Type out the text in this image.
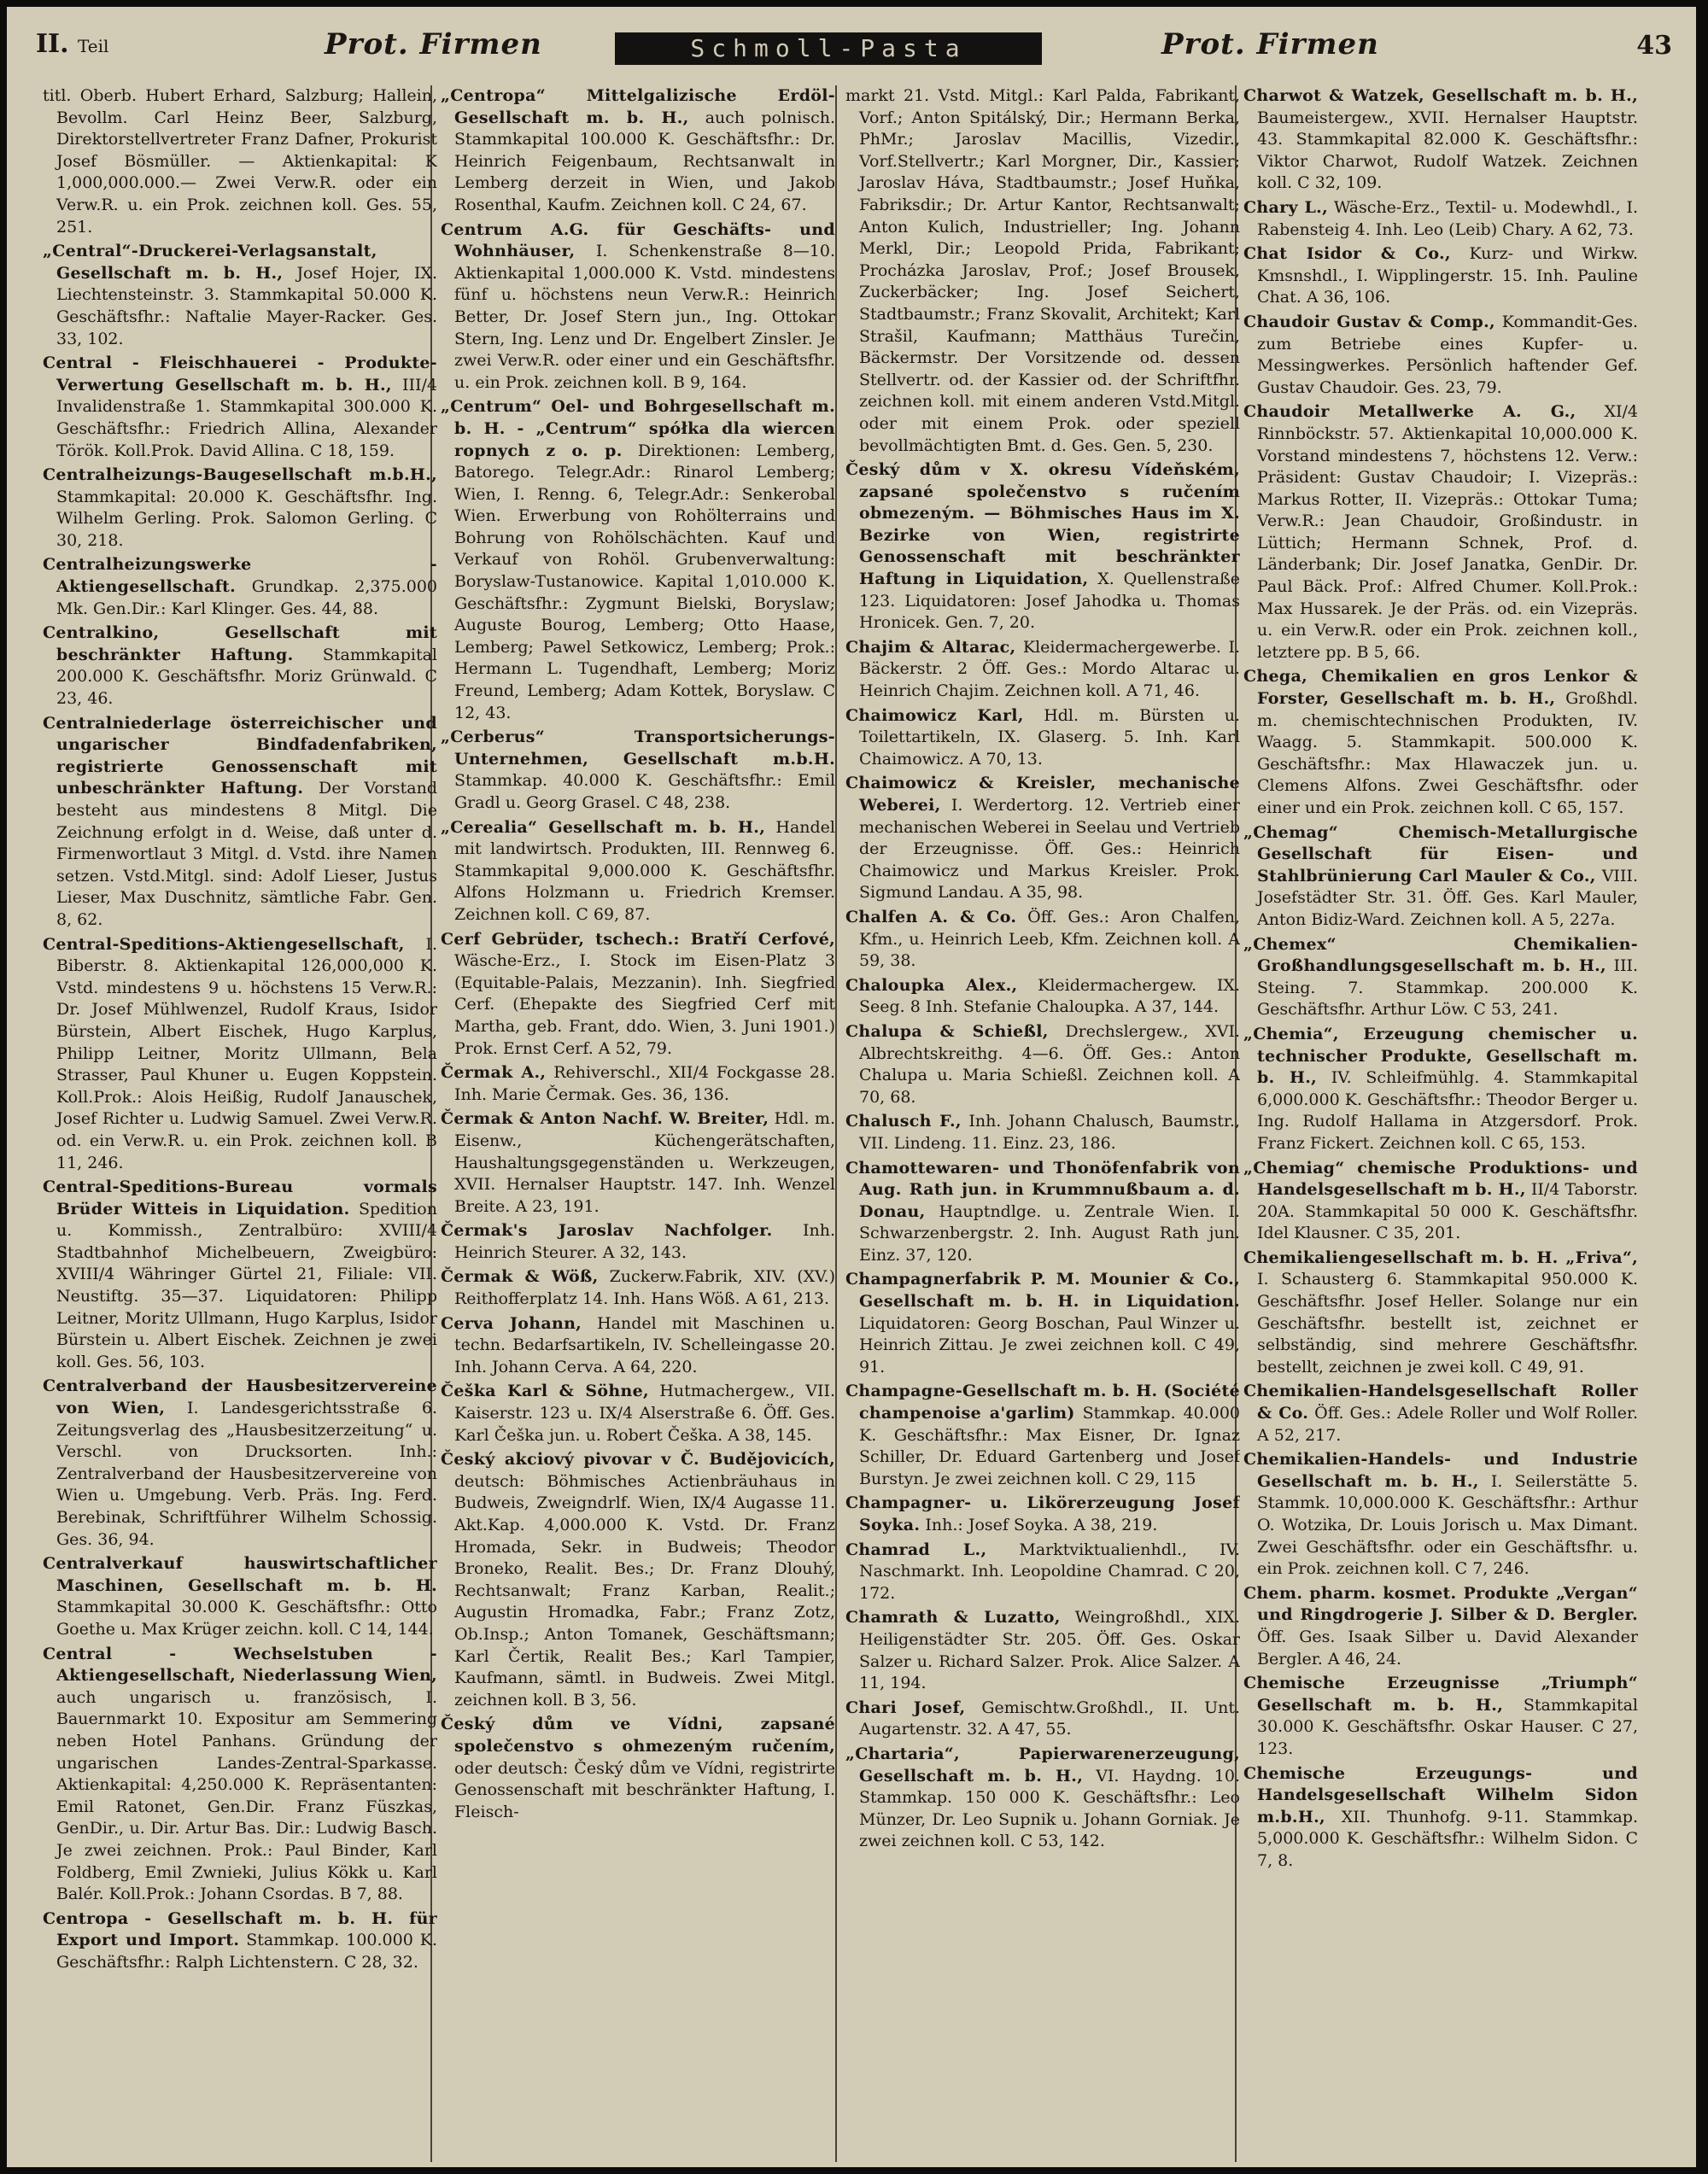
II. Teil	Prot. Firmen	Schmoll-Pasta	Prot. Firmen	43

titl. Oberb. Hubert Erhard, Salzburg; Hallein, Bevollm. Carl Heinz Beer, Salzburg, Direktorstellvertreter Franz Dafner, Prokurist Josef Bösmüller. — Aktienkapital: K 1,000,000.000.— Zwei Verw.R. oder ein Verw.R. u. ein Prok. zeichnen koll. Ges. 55, 251.

„Central“-Druckerei-Verlagsanstalt, Gesellschaft m. b. H., Josef Hojer, IX. Liechtensteinstr. 3. Stammkapital 50.000 K. Geschäftsfhr.: Naftalie Mayer-Racker. Ges. 33, 102.

Central - Fleischhauerei - Produkte-Verwertung Gesellschaft m. b. H., III/4 Invalidenstraße 1. Stammkapital 300.000 K. Geschäftsfhr.: Friedrich Allina, Alexander Török. Koll.Prok. David Allina. C 18, 159.

Centralheizungs-Baugesellschaft m.b.H., Stammkapital: 20.000 K. Geschäftsfhr. Ing. Wilhelm Gerling. Prok. Salomon Gerling. C 30, 218.

Centralheizungswerke - Aktiengesellschaft. Grundkap. 2,375.000 Mk. Gen.Dir.: Karl Klinger. Ges. 44, 88.

Centralkino, Gesellschaft mit beschränkter Haftung. Stammkapital 200.000 K. Geschäftsfhr. Moriz Grünwald. C 23, 46.

Centralniederlage österreichischer und ungarischer Bindfadenfabriken, registrierte Genossenschaft mit unbeschränkter Haftung. Der Vorstand besteht aus mindestens 8 Mitgl. Die Zeichnung erfolgt in d. Weise, daß unter d. Firmenwortlaut 3 Mitgl. d. Vstd. ihre Namen setzen. Vstd.Mitgl. sind: Adolf Lieser, Justus Lieser, Max Duschnitz, sämtliche Fabr. Gen. 8, 62.

Central-Speditions-Aktiengesellschaft, I. Biberstr. 8. Aktienkapital 126,000,000 K. Vstd. mindestens 9 u. höchstens 15 Verw.R.: Dr. Josef Mühlwenzel, Rudolf Kraus, Isidor Bürstein, Albert Eischek, Hugo Karplus, Philipp Leitner, Moritz Ullmann, Bela Strasser, Paul Khuner u. Eugen Koppstein. Koll.Prok.: Alois Heißig, Rudolf Janauschek, Josef Richter u. Ludwig Samuel. Zwei Verw.R. od. ein Verw.R. u. ein Prok. zeichnen koll. B 11, 246.

Central-Speditions-Bureau vormals Brüder Witteis in Liquidation. Spedition u. Kommissh., Zentralbüro: XVIII/4 Stadtbahnhof Michelbeuern, Zweigbüro: XVIII/4 Währinger Gürtel 21, Filiale: VII. Neustiftg. 35—37. Liquidatoren: Philipp Leitner, Moritz Ullmann, Hugo Karplus, Isidor Bürstein u. Albert Eischek. Zeichnen je zwei koll. Ges. 56, 103.

Centralverband der Hausbesitzervereine von Wien, I. Landesgerichtsstraße 6. Zeitungsverlag des „Hausbesitzerzeitung“ u. Verschl. von Drucksorten. Inh.: Zentralverband der Hausbesitzervereine von Wien u. Umgebung. Verb. Präs. Ing. Ferd. Berebinak, Schriftführer Wilhelm Schossig. Ges. 36, 94.

Centralverkauf hauswirtschaftlicher Maschinen, Gesellschaft m. b. H. Stammkapital 30.000 K. Geschäftsfhr.: Otto Goethe u. Max Krüger zeichn. koll. C 14, 144.

Central - Wechselstuben - Aktiengesellschaft, Niederlassung Wien, auch ungarisch u. französisch, I. Bauernmarkt 10. Expositur am Semmering neben Hotel Panhans. Gründung der ungarischen Landes-Zentral-Sparkasse. Aktienkapital: 4,250.000 K. Repräsentanten: Emil Ratonet, Gen.Dir. Franz Füszkas, GenDir., u. Dir. Artur Bas. Dir.: Ludwig Basch. Je zwei zeichnen. Prok.: Paul Binder, Karl Foldberg, Emil Zwnieki, Julius Kökk u. Karl Balér. Koll.Prok.: Johann Csordas. B 7, 88.

Centropa - Gesellschaft m. b. H. für Export und Import. Stammkap. 100.000 K. Geschäftsfhr.: Ralph Lichtenstern. C 28, 32.

„Centropa“ Mittelgalizische Erdöl-Gesellschaft m. b. H., auch polnisch. Stammkapital 100.000 K. Geschäftsfhr.: Dr. Heinrich Feigenbaum, Rechtsanwalt in Lemberg derzeit in Wien, und Jakob Rosenthal, Kaufm. Zeichnen koll. C 24, 67.

Centrum A.G. für Geschäfts- und Wohnhäuser, I. Schenkenstraße 8—10. Aktienkapital 1,000.000 K. Vstd. mindestens fünf u. höchstens neun Verw.R.: Heinrich Better, Dr. Josef Stern jun., Ing. Ottokar Stern, Ing. Lenz und Dr. Engelbert Zinsler. Je zwei Verw.R. oder einer und ein Geschäftsfhr. u. ein Prok. zeichnen koll. B 9, 164.

„Centrum“ Oel- und Bohrgesellschaft m. b. H. - „Centrum“ spółka dla wiercen ropnych z o. p. Direktionen: Lemberg, Batorego. Telegr.Adr.: Rinarol Lemberg; Wien, I. Renng. 6, Telegr.Adr.: Senkerobal Wien. Erwerbung von Rohölterrains und Bohrung von Rohölschächten. Kauf und Verkauf von Rohöl. Grubenverwaltung: Boryslaw-Tustanowice. Kapital 1,010.000 K. Geschäftsfhr.: Zygmunt Bielski, Boryslaw; Auguste Bourog, Lemberg; Otto Haase, Lemberg; Pawel Setkowicz, Lemberg; Prok.: Hermann L. Tugendhaft, Lemberg; Moriz Freund, Lemberg; Adam Kottek, Boryslaw. C 12, 43.

„Cerberus“ Transportsicherungs-Unternehmen, Gesellschaft m.b.H. Stammkap. 40.000 K. Geschäftsfhr.: Emil Gradl u. Georg Grasel. C 48, 238.

„Cerealia“ Gesellschaft m. b. H., Handel mit landwirtsch. Produkten, III. Rennweg 6. Stammkapital 9,000.000 K. Geschäftsfhr. Alfons Holzmann u. Friedrich Kremser. Zeichnen koll. C 69, 87.

Cerf Gebrüder, tschech.: Bratří Cerfové, Wäsche-Erz., I. Stock im Eisen-Platz 3 (Equitable-Palais, Mezzanin). Inh. Siegfried Cerf. (Ehepakte des Siegfried Cerf mit Martha, geb. Frant, ddo. Wien, 3. Juni 1901.) Prok. Ernst Cerf. A 52, 79.

Čermak A., Rehiverschl., XII/4 Fockgasse 28. Inh. Marie Čermak. Ges. 36, 136.

Čermak & Anton Nachf. W. Breiter, Hdl. m. Eisenw., Küchengerätschaften, Haushaltungsgegenständen u. Werkzeugen, XVII. Hernalser Hauptstr. 147. Inh. Wenzel Breite. A 23, 191.

Čermak's Jaroslav Nachfolger. Inh. Heinrich Steurer. A 32, 143.

Čermak & Wöß, Zuckerw.Fabrik, XIV. (XV.) Reithofferplatz 14. Inh. Hans Wöß. A 61, 213.

Cerva Johann, Handel mit Maschinen u. techn. Bedarfsartikeln, IV. Schelleingasse 20. Inh. Johann Cerva. A 64, 220.

Češka Karl & Söhne, Hutmachergew., VII. Kaiserstr. 123 u. IX/4 Alserstraße 6. Öff. Ges. Karl Češka jun. u. Robert Češka. A 38, 145.

Český akciový pivovar v Č. Budějovicích, deutsch: Böhmisches Actienbräuhaus in Budweis, Zweigndrlf. Wien, IX/4 Augasse 11. Akt.Kap. 4,000.000 K. Vstd. Dr. Franz Hromada, Sekr. in Budweis; Theodor Broneko, Realit. Bes.; Dr. Franz Dlouhý, Rechtsanwalt; Franz Karban, Realit.; Augustin Hromadka, Fabr.; Franz Zotz, Ob.Insp.; Anton Tomanek, Geschäftsmann; Karl Čertik, Realit Bes.; Karl Tampier, Kaufmann, sämtl. in Budweis. Zwei Mitgl. zeichnen koll. B 3, 56.

Český dům ve Vídni, zapsané společenstvo s ohmezeným ručením, oder deutsch: Český dům ve Vídni, registrirte Genossenschaft mit beschränkter Haftung, I. Fleisch-

markt 21. Vstd. Mitgl.: Karl Palda, Fabrikant, Vorf.; Anton Spitálský, Dir.; Hermann Berka, PhMr.; Jaroslav Macillis, Vizedir., Vorf.Stellvertr.; Karl Morgner, Dir., Kassier; Jaroslav Háva, Stadtbaumstr.; Josef Huňka, Fabriksdir.; Dr. Artur Kantor, Rechtsanwalt; Anton Kulich, Industrieller; Ing. Johann Merkl, Dir.; Leopold Prida, Fabrikant; Procházka Jaroslav, Prof.; Josef Brousek, Zuckerbäcker; Ing. Josef Seichert, Stadtbaumstr.; Franz Skovalit, Architekt; Karl Strašil, Kaufmann; Matthäus Turečin, Bäckermstr. Der Vorsitzende od. dessen Stellvertr. od. der Kassier od. der Schriftfhr. zeichnen koll. mit einem anderen Vstd.Mitgl. oder mit einem Prok. oder speziell bevollmächtigten Bmt. d. Ges. Gen. 5, 230.

Český dům v X. okresu Vídeňském, zapsané společenstvo s ručením obmezeným. — Böhmisches Haus im X. Bezirke von Wien, registrirte Genossenschaft mit beschränkter Haftung in Liquidation, X. Quellenstraße 123. Liquidatoren: Josef Jahodka u. Thomas Hronicek. Gen. 7, 20.

Chajim & Altarac, Kleidermachergewerbe. I. Bäckerstr. 2 Öff. Ges.: Mordo Altarac u. Heinrich Chajim. Zeichnen koll. A 71, 46.

Chaimowicz Karl, Hdl. m. Bürsten u. Toilettartikeln, IX. Glaserg. 5. Inh. Karl Chaimowicz. A 70, 13.

Chaimowicz & Kreisler, mechanische Weberei, I. Werdertorg. 12. Vertrieb einer mechanischen Weberei in Seelau und Vertrieb der Erzeugnisse. Öff. Ges.: Heinrich Chaimowicz und Markus Kreisler. Prok. Sigmund Landau. A 35, 98.

Chalfen A. & Co. Öff. Ges.: Aron Chalfen, Kfm., u. Heinrich Leeb, Kfm. Zeichnen koll. A 59, 38.

Chaloupka Alex., Kleidermachergew. IX. Seeg. 8 Inh. Stefanie Chaloupka. A 37, 144.

Chalupa & Schießl, Drechslergew., XVI. Albrechtskreithg. 4—6. Öff. Ges.: Anton Chalupa u. Maria Schießl. Zeichnen koll. A 70, 68.

Chalusch F., Inh. Johann Chalusch, Baumstr., VII. Lindeng. 11. Einz. 23, 186.

Chamottewaren- und Thonöfenfabrik von Aug. Rath jun. in Krummnußbaum a. d. Donau, Hauptndlge. u. Zentrale Wien. I. Schwarzenbergstr. 2. Inh. August Rath jun. Einz. 37, 120.

Champagnerfabrik P. M. Mounier & Co., Gesellschaft m. b. H. in Liquidation. Liquidatoren: Georg Boschan, Paul Winzer u. Heinrich Zittau. Je zwei zeichnen koll. C 49, 91.

Champagne-Gesellschaft m. b. H. (Société champenoise a'garlim) Stammkap. 40.000 K. Geschäftsfhr.: Max Eisner, Dr. Ignaz Schiller, Dr. Eduard Gartenberg und Josef Burstyn. Je zwei zeichnen koll. C 29, 115

Champagner- u. Likörerzeugung Josef Soyka. Inh.: Josef Soyka. A 38, 219.

Chamrad L., Marktviktualienhdl., IV. Naschmarkt. Inh. Leopoldine Chamrad. C 20, 172.

Chamrath & Luzatto, Weingroßhdl., XIX. Heiligenstädter Str. 205. Öff. Ges. Oskar Salzer u. Richard Salzer. Prok. Alice Salzer. A 11, 194.

Chari Josef, Gemischtw.Großhdl., II. Unt. Augartenstr. 32. A 47, 55.

„Chartaria“, Papierwarenerzeugung, Gesellschaft m. b. H., VI. Haydng. 10. Stammkap. 150 000 K. Geschäftsfhr.: Leo Münzer, Dr. Leo Supnik u. Johann Gorniak. Je zwei zeichnen koll. C 53, 142.

Charwot & Watzek, Gesellschaft m. b. H., Baumeistergew., XVII. Hernalser Hauptstr. 43. Stammkapital 82.000 K. Geschäftsfhr.: Viktor Charwot, Rudolf Watzek. Zeichnen koll. C 32, 109.

Chary L., Wäsche-Erz., Textil- u. Modewhdl., I. Rabensteig 4. Inh. Leo (Leib) Chary. A 62, 73.

Chat Isidor & Co., Kurz- und Wirkw. Kmsnshdl., I. Wipplingerstr. 15. Inh. Pauline Chat. A 36, 106.

Chaudoir Gustav & Comp., Kommandit-Ges. zum Betriebe eines Kupfer- u. Messingwerkes. Persönlich haftender Gef. Gustav Chaudoir. Ges. 23, 79.

Chaudoir Metallwerke A. G., XI/4 Rinnböckstr. 57. Aktienkapital 10,000.000 K. Vorstand mindestens 7, höchstens 12. Verw.: Präsident: Gustav Chaudoir; I. Vizepräs.: Markus Rotter, II. Vizepräs.: Ottokar Tuma; Verw.R.: Jean Chaudoir, Großindustr. in Lüttich; Hermann Schnek, Prof. d. Länderbank; Dir. Josef Janatka, GenDir. Dr. Paul Bäck. Prof.: Alfred Chumer. Koll.Prok.: Max Hussarek. Je der Präs. od. ein Vizepräs. u. ein Verw.R. oder ein Prok. zeichnen koll., letztere pp. B 5, 66.

Chega, Chemikalien en gros Lenkor & Forster, Gesellschaft m. b. H., Großhdl. m. chemischtechnischen Produkten, IV. Waagg. 5. Stammkapit. 500.000 K. Geschäftsfhr.: Max Hlawaczek jun. u. Clemens Alfons. Zwei Geschäftsfhr. oder einer und ein Prok. zeichnen koll. C 65, 157.

„Chemag“ Chemisch-Metallurgische Gesellschaft für Eisen- und Stahlbrünierung Carl Mauler & Co., VIII. Josefstädter Str. 31. Öff. Ges. Karl Mauler, Anton Bidiz-Ward. Zeichnen koll. A 5, 227a.

„Chemex“ Chemikalien-Großhandlungsgesellschaft m. b. H., III. Steing. 7. Stammkap. 200.000 K. Geschäftsfhr. Arthur Löw. C 53, 241.

„Chemia“, Erzeugung chemischer u. technischer Produkte, Gesellschaft m. b. H., IV. Schleifmühlg. 4. Stammkapital 6,000.000 K. Geschäftsfhr.: Theodor Berger u. Ing. Rudolf Hallama in Atzgersdorf. Prok. Franz Fickert. Zeichnen koll. C 65, 153.

„Chemiag“ chemische Produktions- und Handelsgesellschaft m b. H., II/4 Taborstr. 20A. Stammkapital 50 000 K. Geschäftsfhr. Idel Klausner. C 35, 201.

Chemikaliengesellschaft m. b. H. „Friva“, I. Schausterg 6. Stammkapital 950.000 K. Geschäftsfhr. Josef Heller. Solange nur ein Geschäftsfhr. bestellt ist, zeichnet er selbständig, sind mehrere Geschäftsfhr. bestellt, zeichnen je zwei koll. C 49, 91.

Chemikalien-Handelsgesellschaft Roller & Co. Öff. Ges.: Adele Roller und Wolf Roller. A 52, 217.

Chemikalien-Handels- und Industrie Gesellschaft m. b. H., I. Seilerstätte 5. Stammk. 10,000.000 K. Geschäftsfhr.: Arthur O. Wotzika, Dr. Louis Jorisch u. Max Dimant. Zwei Geschäftsfhr. oder ein Geschäftsfhr. u. ein Prok. zeichnen koll. C 7, 246.

Chem. pharm. kosmet. Produkte „Vergan“ und Ringdrogerie J. Silber & D. Bergler. Öff. Ges. Isaak Silber u. David Alexander Bergler. A 46, 24.

Chemische Erzeugnisse „Triumph“ Gesellschaft m. b. H., Stammkapital 30.000 K. Geschäftsfhr. Oskar Hauser. C 27, 123.

Chemische Erzeugungs- und Handelsgesellschaft Wilhelm Sidon m.b.H., XII. Thunhofg. 9-11. Stammkap. 5,000.000 K. Geschäftsfhr.: Wilhelm Sidon. C 7, 8.
